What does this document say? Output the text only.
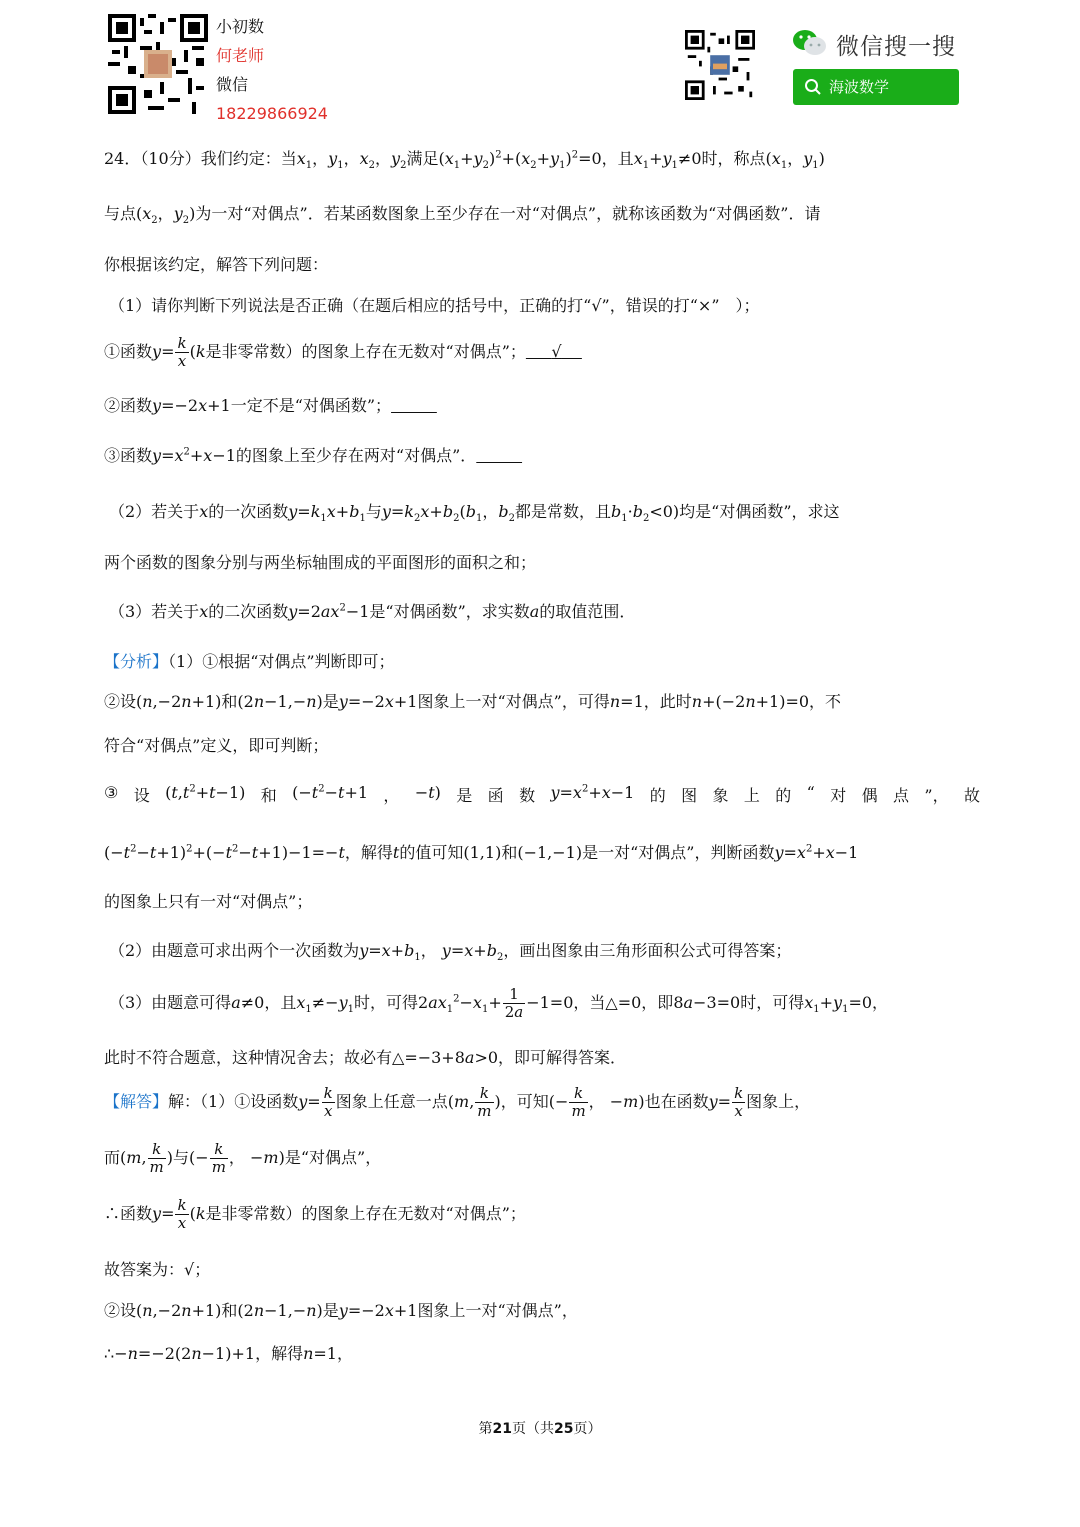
小初数
何老师
微信
18229866924
微信搜一搜
海波数学
24．（10分）我们约定：当$x_1$，$y_1$，$x_2$，$y_2$满足$(x_1+y_2)^2+(x_2+y_1)^2=0$，且$x_1+y_1\ne 0$时，称点($x_1$，$y_1$)
与点($x_2$，$y_2$)为一对“对偶点”．若某函数图象上至少存在一对“对偶点”，就称该函数为“对偶函数”．请
你根据该约定，解答下列问题：
（1）请你判断下列说法是否正确（在题后相应的括号中，正确的打“√”，错误的打“×”　）；
①函数$y= \frac{k}{x} (k$是非零常数）的图象上存在无数对“对偶点”； √
②函数y=−2x+1一定不是“对偶函数”；
③函数$y=x^2+x-1$的图象上至少存在两对“对偶点”．
（2）若关于x的一次函数$y=k_1x+b_1$与$y=k_2x+b_2(b_1$，$b_2$都是常数，且$b_1\cdot b_2<0$)均是“对偶函数”，求这
两个函数的图象分别与两坐标轴围成的平面图形的面积之和；
（3）若关于x的二次函数$y=2ax^2-1$是“对偶函数”，求实数a的取值范围．
【分析】（1）①根据“对偶点”判断即可；
②设(n,−2n+1)和(2n−1,−n)是y=−2x+1图象上一对“对偶点”，可得n=1，此时n+(−2n+1)=0，不
符合“对偶点”定义，即可判断；
③ 设 $(t,t^2+t-1)$ 和 ($-t^2-t+1$ ， −t) 是 函 数 $y=x^2+x-1$ 的 图 象 上 的 “ 对 偶 点 ”， 故
$(-t^2-t+1)^2+(-t^2-t+1)-1=-t$，解得t的值可知(1,1)和(−1,−1)是一对“对偶点”，判断函数$y=x^2+x-1$
的图象上只有一对“对偶点”；
（2）由题意可求出两个一次函数为$y=x+b_1$， $y=x+b_2$，画出图象由三角形面积公式可得答案；
（3）由题意可得a≠0，且$x_1\ne-y_1$时，可得$2ax_1^2-x_1+ \frac{1}{2a} -1=0$，当△=0，即8a−3=0时，可得$x_1+y_1=0$，
此时不符合题意，这种情况舍去；故必有△=−3+8a>0，即可解得答案．
【解答】解：（1）①设函数$y= \frac{k}{x}$ 图象上任意一点(m, $\frac{k}{m}$ )，可知(− $\frac{k}{m}$ ， −m)也在函数$y= \frac{k}{x}$ 图象上，
而(m, $\frac{k}{m}$ )与(− $\frac{k}{m}$ ， −m)是“对偶点”，
∴函数$y= \frac{k}{x} (k$是非零常数）的图象上存在无数对“对偶点”；
故答案为：√；
②设(n,−2n+1)和(2n−1,−n)是y=−2x+1图象上一对“对偶点”，
∴−n=−2(2n−1)+1，解得n=1，
第21页（共25页）
